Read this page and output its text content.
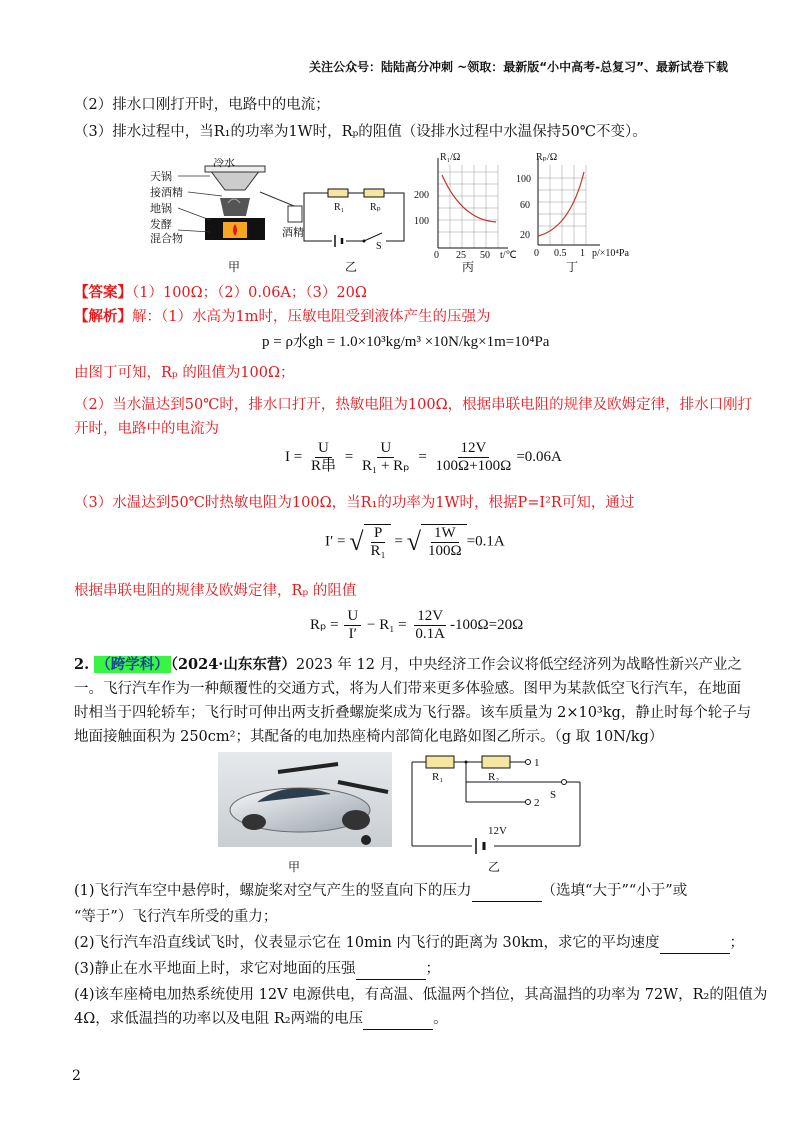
关注公众号：陆陆高分冲刺 ~领取：最新版“小中高考-总复习”、最新试卷下载
（2）排水口刚打开时，电路中的电流；
（3）排水过程中，当R₁的功率为1W时，Rₚ的阻值（设排水过程中水温保持50℃不变）。
冷水
天锅
接酒精
地锅
发酵
混合物	酒精
甲
R₁	Rₚ
S
乙
R₁/Ω
200
100
0 25 50 t/℃
丙
Rₚ/Ω
100
60
20
0 0.5 1 p/×10⁴Pa
丁
【答案】（1）100Ω；（2）0.06A；（3）20Ω
【解析】解：（1）水高为1m时，压敏电阻受到液体产生的压强为
p = ρ水gh = 1.0×10³kg/m³ ×10N/kg×1m=10⁴Pa
由图丁可知，Rₚ 的阻值为100Ω；
（2）当水温达到50℃时，排水口打开，热敏电阻为100Ω，根据串联电阻的规律及欧姆定律，排水口刚打
开时，电路中的电流为
$I = \frac{U}{\text{R串}} = \frac{U}{\text{R₁ + Rₚ}} = \frac{12V}{100\Omega+100\Omega} =0.06A$
（3）水温达到50℃时热敏电阻为100Ω，当R₁的功率为1W时，根据P=I²R可知，通过
I′ = √ $\frac{P}{\text{R₁}}$ = √ $\frac{1W}{100\Omega} =0.1A$
根据串联电阻的规律及欧姆定律，Rₚ 的阻值
$R_p = \frac{U}{I'} - R_1 = \frac{12V}{0.1A} -100\Omega=20\Omega$
2. （跨学科） （2024·山东东营）2023 年 12 月，中央经济工作会议将低空经济列为战略性新兴产业之
一。飞行汽车作为一种颠覆性的交通方式，将为人们带来更多体验感。图甲为某款低空飞行汽车，在地面
时相当于四轮轿车；飞行时可伸出两支折叠螺旋桨成为飞行器。该车质量为 2×10³kg，静止时每个轮子与
地面接触面积为 250cm²；其配备的电加热座椅内部简化电路如图乙所示。（g 取 10N/kg）
甲
R₁	R₂
1
S
2
12V
乙
(1)飞行汽车空中悬停时，螺旋桨对空气产生的竖直向下的压力	（选填“大于”“小于”或
“等于”）飞行汽车所受的重力；
(2)飞行汽车沿直线试飞时，仪表显示它在 10min 内飞行的距离为 30km，求它的平均速度	；
(3)静止在水平地面上时，求它对地面的压强	；
(4)该车座椅电加热系统使用 12V 电源供电，有高温、低温两个挡位，其高温挡的功率为 72W，R₂的阻值为
4Ω，求低温挡的功率以及电阻 R₂两端的电压	。
2
